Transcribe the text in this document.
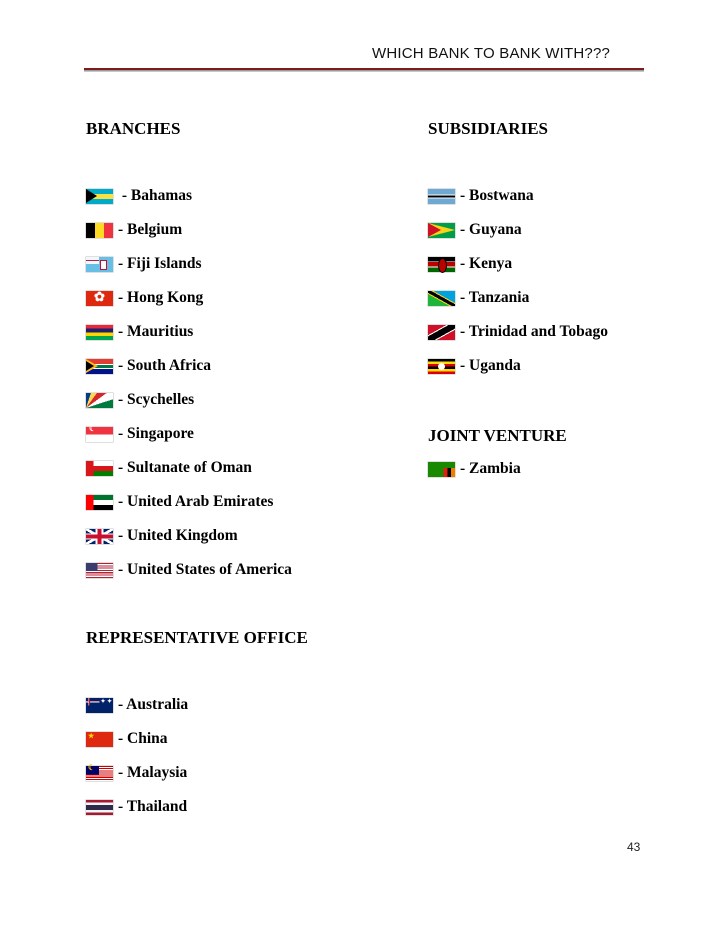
WHICH BANK TO BANK WITH???
BRANCHES
- Bahamas
- Belgium
- Fiji Islands
✿
- Hong Kong
- Mauritius
- South Africa
- Scychelles
☾
- Singapore
- Sultanate of Oman
- United Arab Emirates
- United Kingdom
- United States of America
SUBSIDIARIES
- Bostwana
- Guyana
- Kenya
- Tanzania
- Trinidad and Tobago
- Uganda
JOINT VENTURE
- Zambia
REPRESENTATIVE OFFICE
✦ ✦
- Australia
★
- China
☾
- Malaysia
- Thailand
43
